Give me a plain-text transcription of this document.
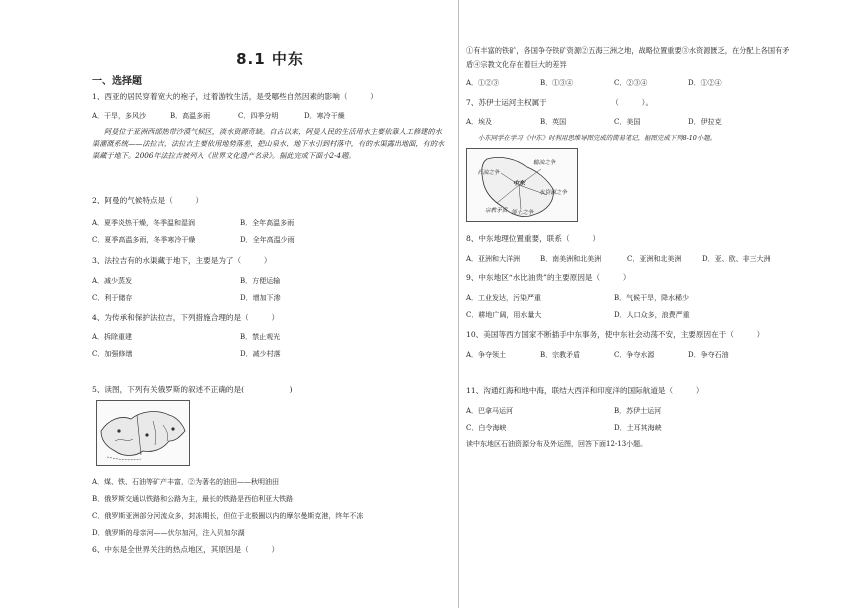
8.1 中东
一、选择题
1、西亚的居民穿着宽大的袍子，过着游牧生活，是受哪些自然因素的影响（　　　）
A．干旱，多风沙	B．高温多雨	C．四季分明	D．寒冷干燥
阿曼位于亚洲西部热带沙漠气候区，淡水资源奇缺。自古以来，阿曼人民的生活用水主要依靠人工修建的水渠灌溉系统——法拉吉，法拉吉主要依用地势落差，把山泉水、地下水引到村落中，有的水渠露出地面，有的水渠藏于地下。2006年法拉吉被列入《世界文化遗产名录》。据此完成下面小2-4题。
2、阿曼的气候特点是（　　　）
A．夏季炎热干燥，冬季温和湿润	B．全年高温多雨
C．夏季高温多雨，冬季寒冷干燥	D．全年高温少雨
3、法拉吉有的水渠藏于地下，主要是为了（　　　）
A．减少蒸发	B．方便运输
C．利于储存	D．增加下渗
4、为传承和保护法拉吉，下列措施合理的是（　　　）
A．拆除重建	B．禁止观光
C．加强修缮	D．减少村落
5、读图，下列有关俄罗斯的叙述不正确的是(　　　　　　)
A．煤、铁、石油等矿产丰富，②为著名的油田——秋明油田
B．俄罗斯交通以铁路和公路为主，最长的铁路是西伯利亚大铁路
C．俄罗斯亚洲部分河流众多，封冻期长，但位于北极圈以内的摩尔曼斯克港，终年不冻
D．俄罗斯的母亲河——伏尔加河，注入贝加尔湖
6、中东是全世界关注的热点地区，其原因是（　　　）
①有丰富的铁矿，各国争夺铁矿资源②五海三洲之地，战略位置重要③水资源匮乏，在分配上各国有矛盾④宗教文化存在着巨大的差异
A．①②③	B．①③④	C．②③④	D．①②④
7、苏伊士运河主权属于　　　　　　　　　（　　　）。
A．埃及	B．英国	C．美国	D．伊拉克
小东同学在学习《中东》时利用思维导图完成的简易笔记，据图完成下列8-10小题。
输油之争
水资源之争
宗教矛盾
石油之争
领土之争
中东
8、中东地理位置重要，联系（　　　）
A．亚洲和大洋洲	B．南美洲和北美洲	C．亚洲和北美洲	D．亚、欧、非三大洲
9、中东地区“水比油贵”的主要原因是（　　　）
A．工业发达，污染严重	B．气候干旱，降水稀少
C．耕地广阔，用水量大	D．人口众多，浪费严重
10、美国等西方国家不断插手中东事务，使中东社会动荡不安，主要原因在于（　　　）
A．争夺领土	B．宗教矛盾	C．争夺水源	D．争夺石油
11、沟通红海和地中海，联结大西洋和印度洋的国际航道是（　　　）
A．巴拿马运河	B．苏伊士运河
C．白令海峡	D．土耳其海峡
读中东地区石油资源分布及外运图，回答下面12-13小题。
